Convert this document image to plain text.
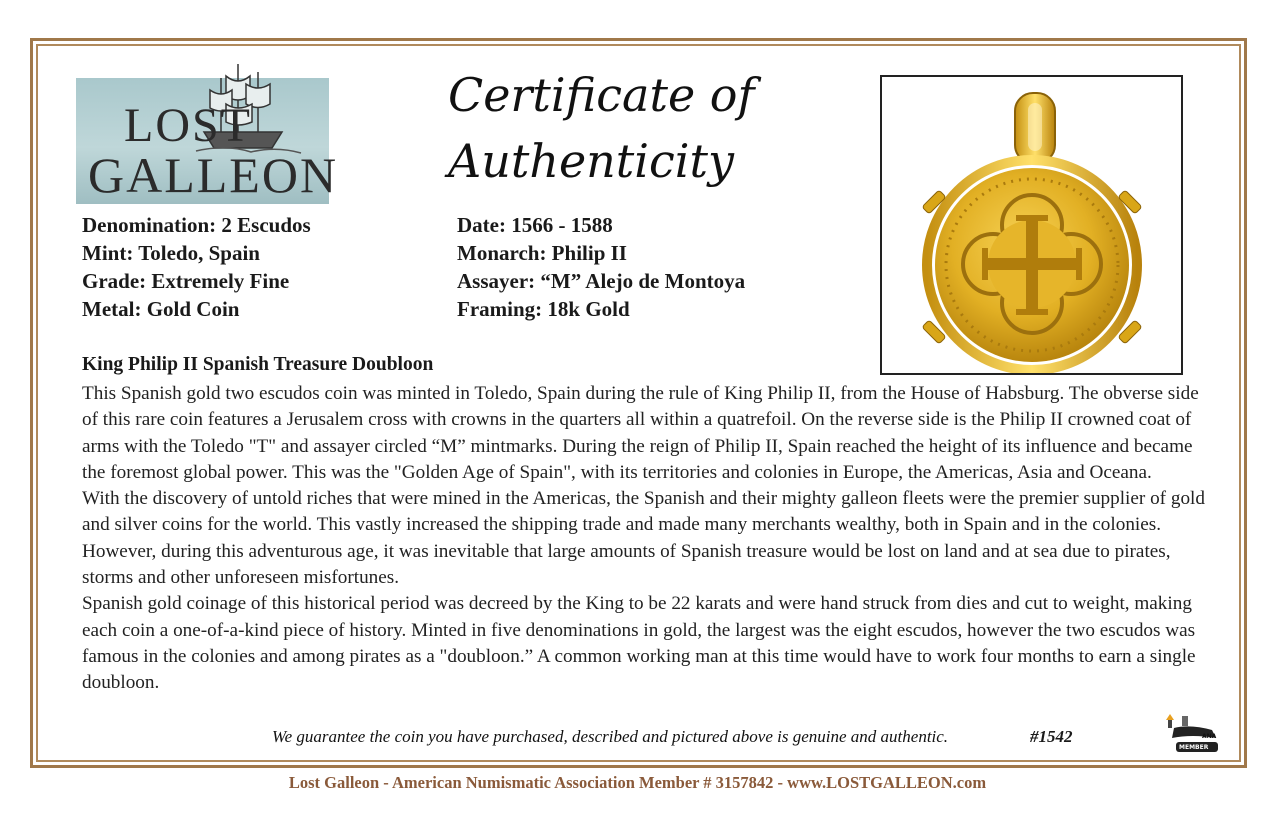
LOST
GALLEON
Certificate of
Authenticity
Denomination: 2 Escudos
Mint: Toledo, Spain
Grade: Extremely Fine
Metal: Gold Coin
Date: 1566 - 1588
Monarch: Philip II
Assayer: “M” Alejo de Montoya
Framing: 18k Gold
King Philip II Spanish Treasure Doubloon

This Spanish gold two escudos coin was minted in Toledo, Spain during the rule of King Philip II, from the House of Habsburg. The obverse side of this rare coin features a Jerusalem cross with crowns in the quarters all within a quatrefoil. On the reverse side is the Philip II crowned coat of arms with the Toledo "T" and assayer circled “M” mintmarks. During the reign of Philip II, Spain reached the height of its influence and became the foremost global power. This was the "Golden Age of Spain", with its territories and colonies in Europe, the Americas, Asia and Oceana.

With the discovery of untold riches that were mined in the Americas, the Spanish and their mighty galleon fleets were the premier supplier of gold and silver coins for the world. This vastly increased the shipping trade and made many merchants wealthy, both in Spain and in the colonies. However, during this adventurous age, it was inevitable that large amounts of Spanish treasure would be lost on land and at sea due to pirates, storms and other unforeseen misfortunes.

Spanish gold coinage of this historical period was decreed by the King to be 22 karats and were hand struck from dies and cut to weight, making each coin a one-of-a-kind piece of history. Minted in five denominations in gold, the largest was the eight escudos, however the two escudos was famous in the colonies and among pirates as a "doubloon.” A common working man at this time would have to work four months to earn a single doubloon.

We guarantee the coin you have purchased, described and pictured above is genuine and authentic.	#1542	ANA
MEMBER
Lost Galleon - American Numismatic Association Member # 3157842 - www.LOSTGALLEON.com
